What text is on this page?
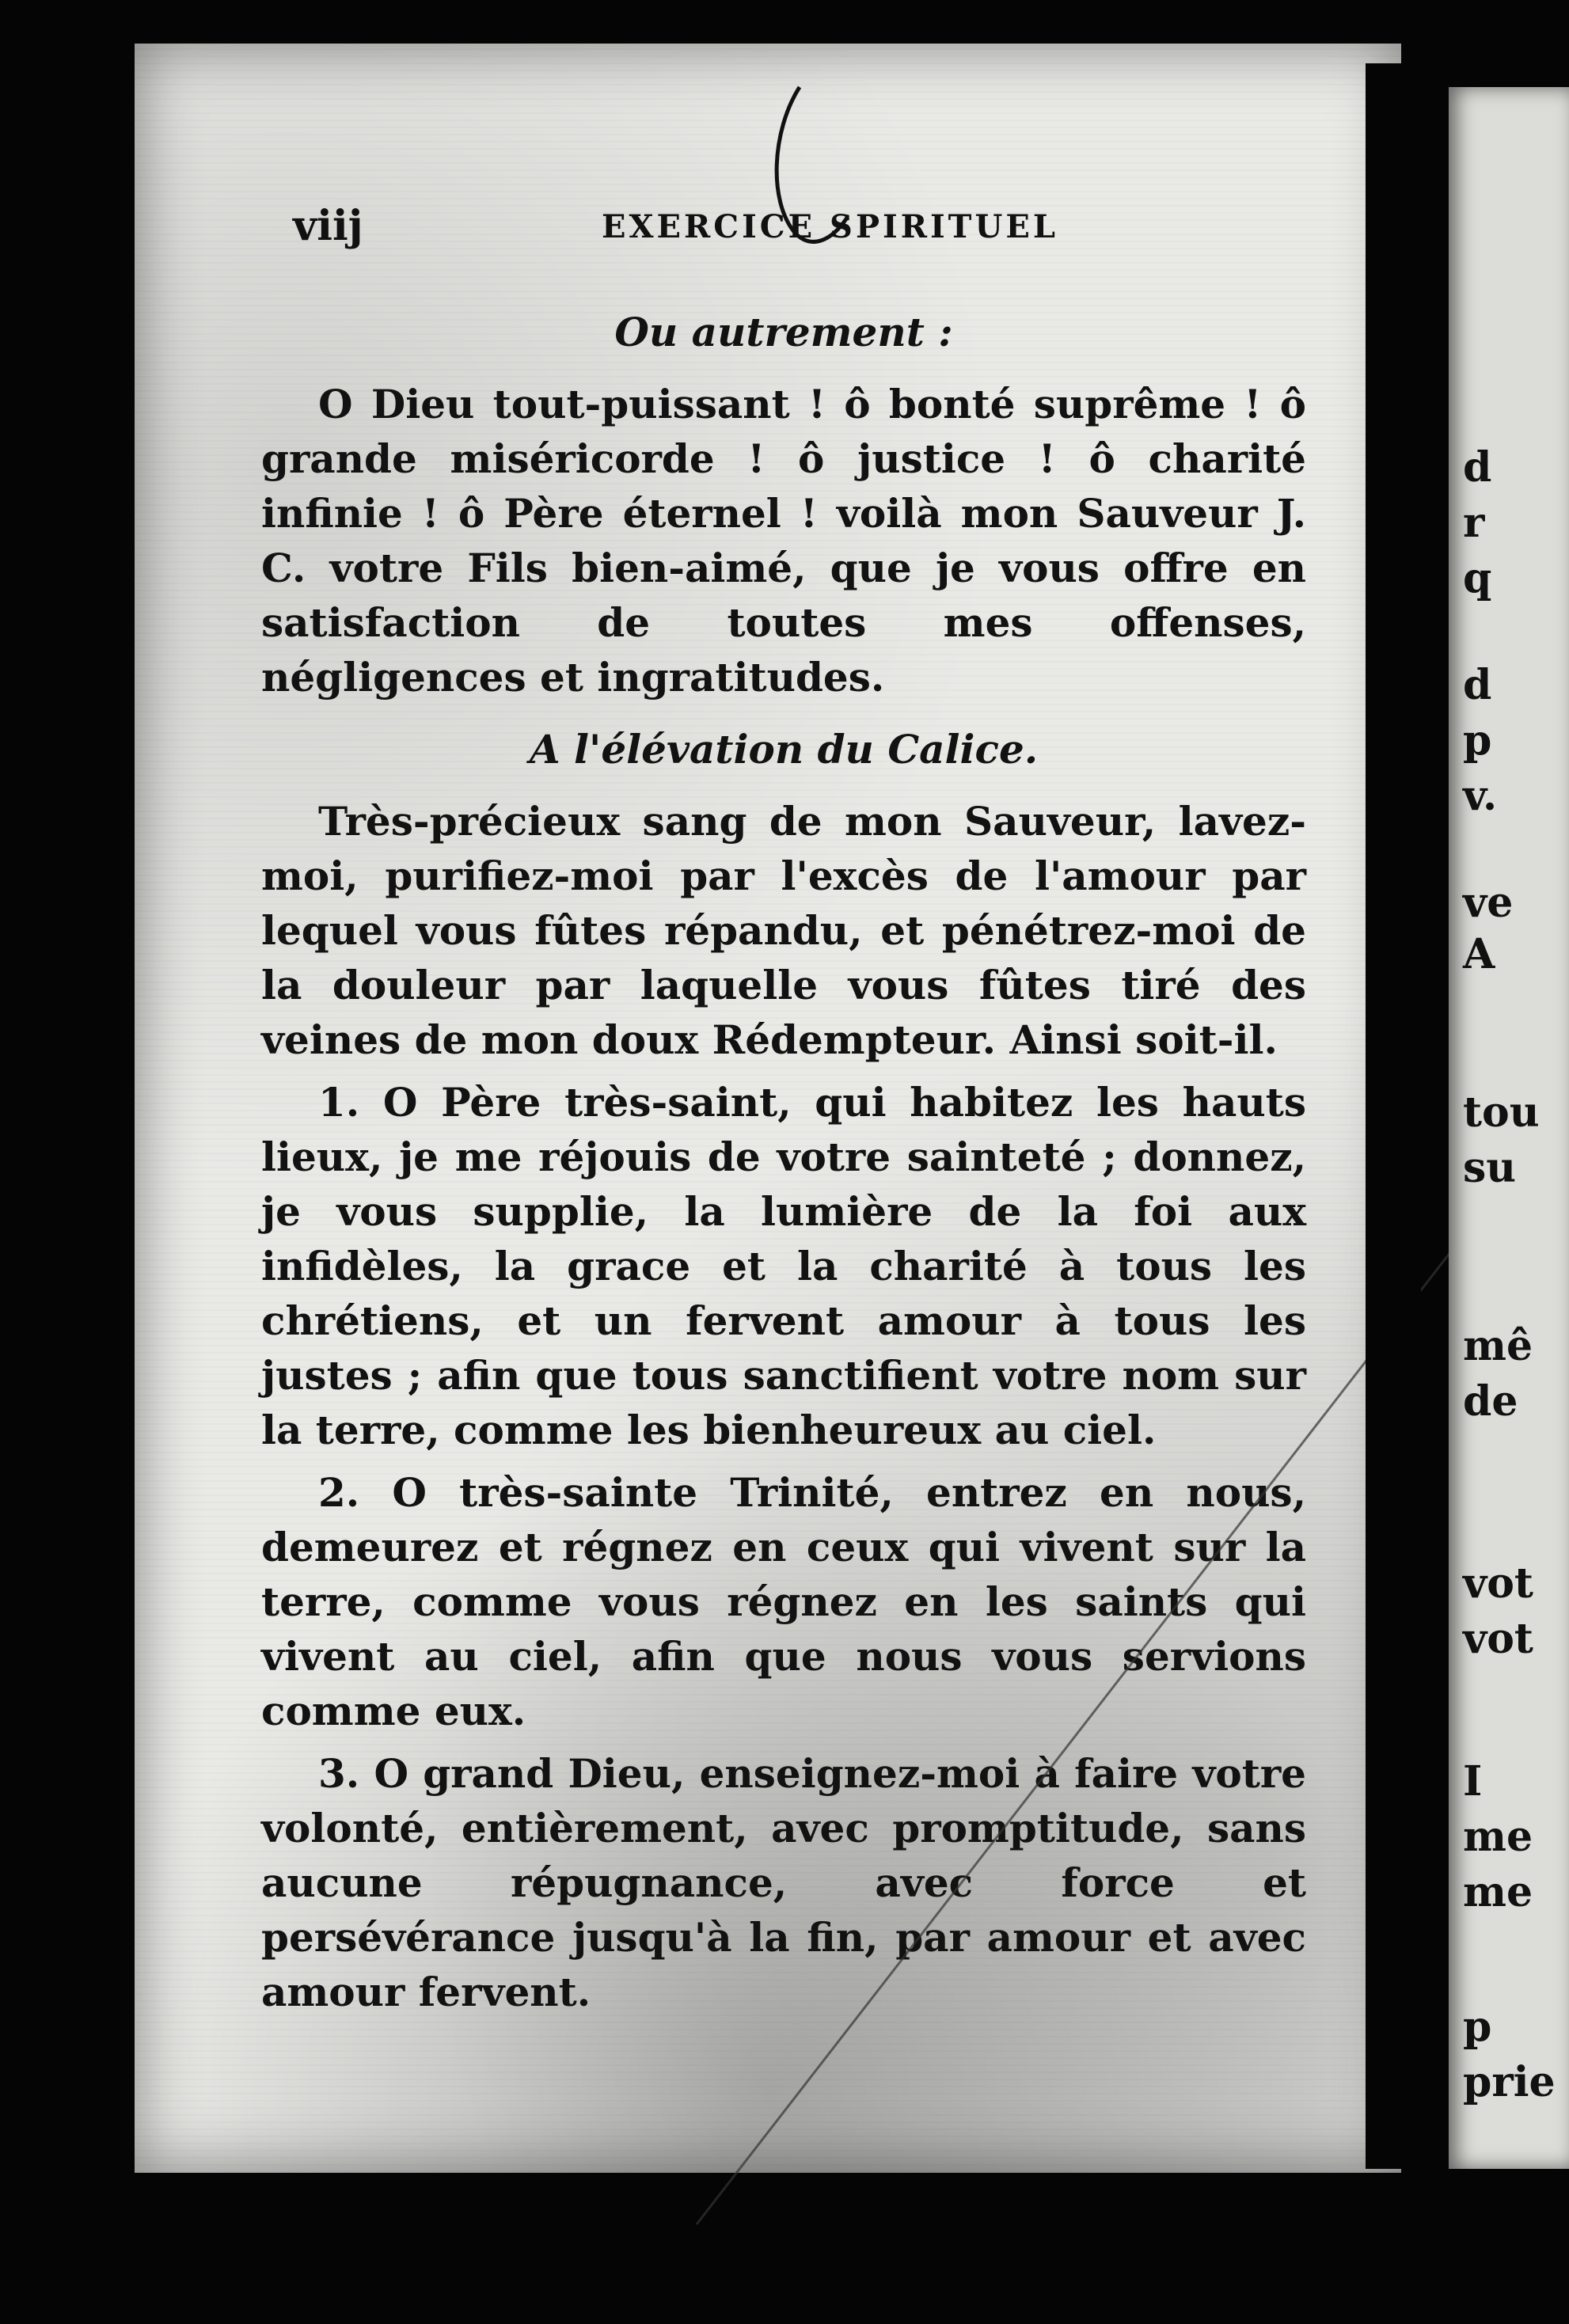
viij	EXERCICE SPIRITUEL
Ou autrement :

O Dieu tout-puissant ! ô bonté suprême ! ô grande miséricorde ! ô justice ! ô charité infinie ! ô Père éternel ! voilà mon Sauveur J. C. votre Fils bien-aimé, que je vous offre en satisfaction de toutes mes offenses, négligences et ingratitudes.

A l'élévation du Calice.

Très-précieux sang de mon Sauveur, lavez-moi, purifiez-moi par l'excès de l'amour par lequel vous fûtes répandu, et pénétrez-moi de la douleur par laquelle vous fûtes tiré des veines de mon doux Rédempteur. Ainsi soit-il.

1. O Père très-saint, qui habitez les hauts lieux, je me réjouis de votre sainteté ; donnez, je vous supplie, la lumière de la foi aux infidèles, la grace et la charité à tous les chrétiens, et un fervent amour à tous les justes ; afin que tous sanctifient votre nom sur la terre, comme les bienheureux au ciel.

2. O très-sainte Trinité, entrez en nous, demeurez et régnez en ceux qui vivent sur la terre, comme vous régnez en les saints qui vivent au ciel, afin que nous vous servions comme eux.

3. O grand Dieu, enseignez-moi à faire votre volonté, entièrement, avec promptitude, sans aucune répugnance, avec force et persévérance jusqu'à la fin, par amour et avec amour fervent.

d
r
q
d
p
v.
ve
A
tou
su
mê
de
vot
vot
I
me
me
p
prie
